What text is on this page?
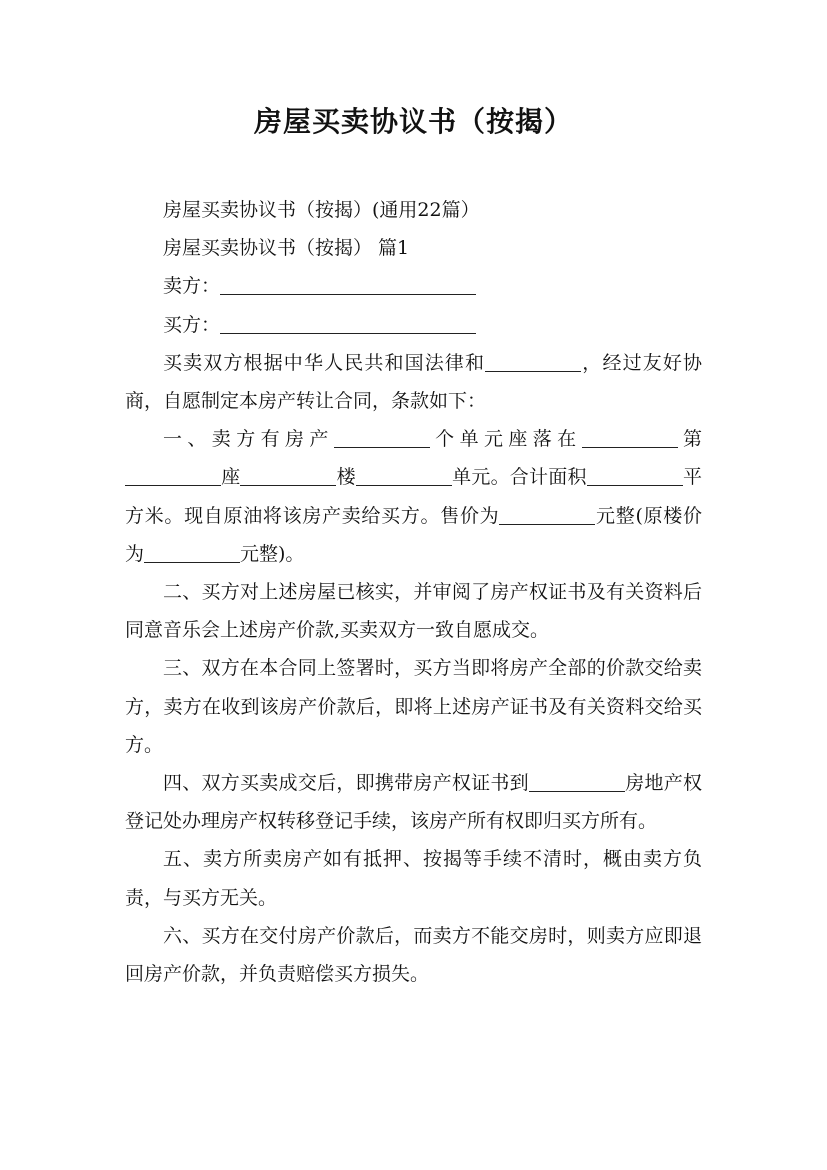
房屋买卖协议书（按揭）

房屋买卖协议书（按揭）(通用22篇）

房屋买卖协议书（按揭） 篇1

卖方：

买方：

买卖双方根据中华人民共和国法律和	，经过友好协商，自愿制定本房产转让合同，条款如下：

一、卖方有房产	个单元座落在	第座	楼	单元。合计面积	平方米。现自原油将该房产卖给买方。售价为	元整(原楼价为	元整)。

二、买方对上述房屋已核实，并审阅了房产权证书及有关资料后同意音乐会上述房产价款,买卖双方一致自愿成交。

三、双方在本合同上签署时，买方当即将房产全部的价款交给卖方，卖方在收到该房产价款后，即将上述房产证书及有关资料交给买方。

四、双方买卖成交后，即携带房产权证书到	房地产权登记处办理房产权转移登记手续，该房产所有权即归买方所有。

五、卖方所卖房产如有抵押、按揭等手续不清时，概由卖方负责，与买方无关。

六、买方在交付房产价款后，而卖方不能交房时，则卖方应即退回房产价款，并负责赔偿买方损失。
